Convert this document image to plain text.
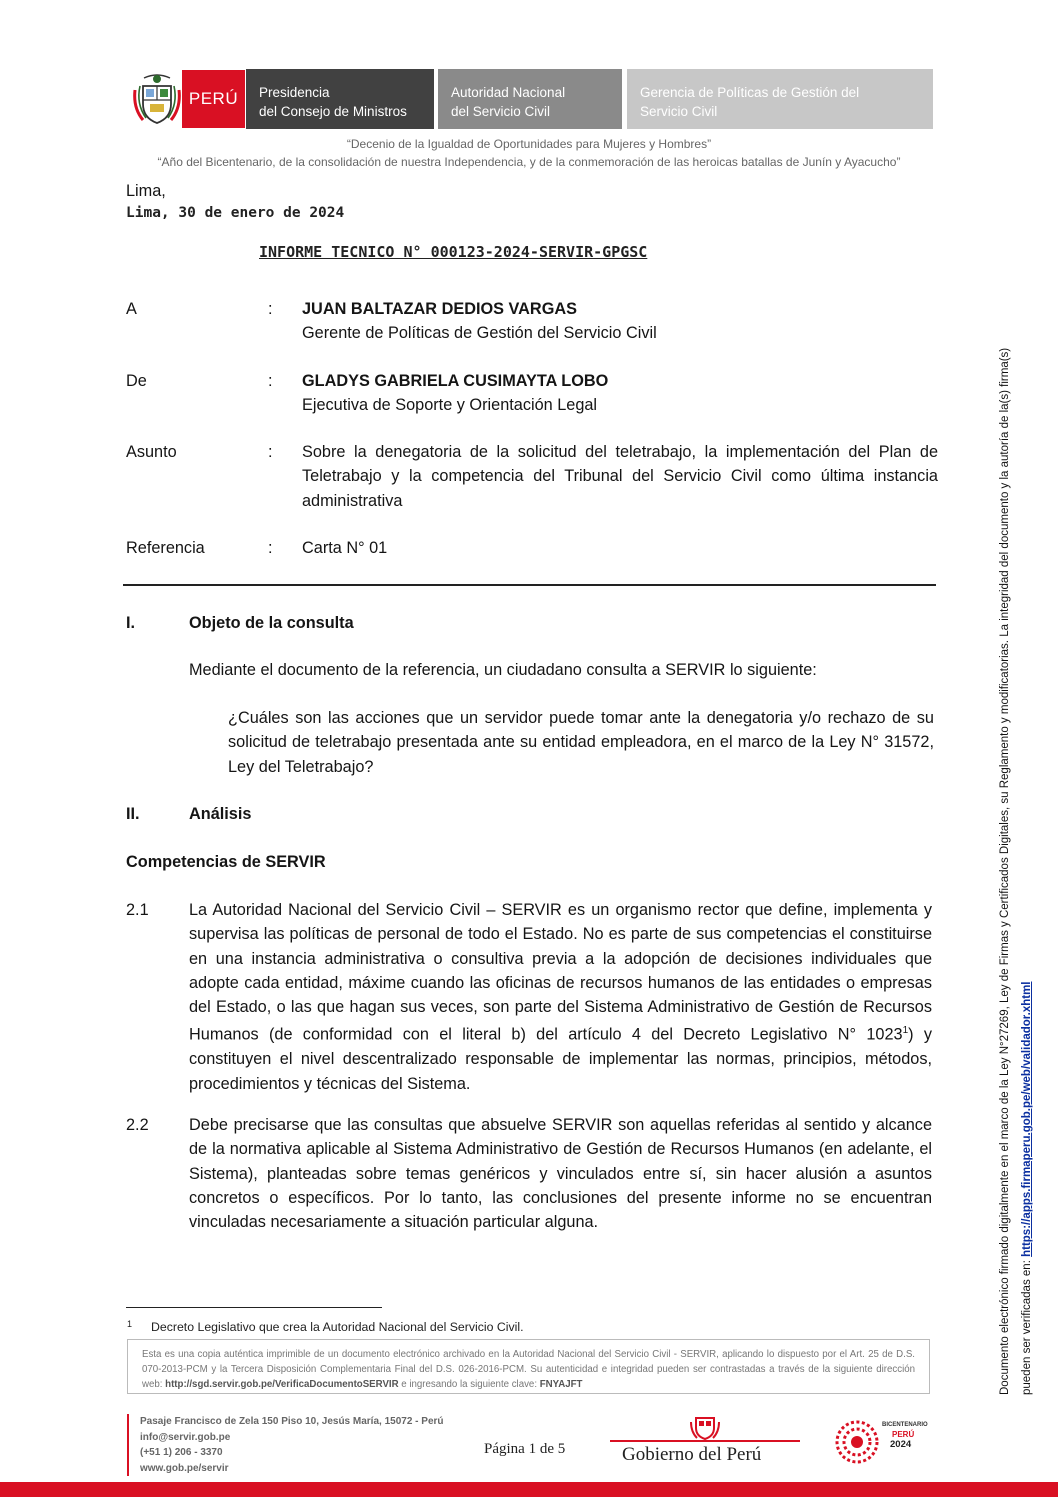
PERÚ	Presidencia
del Consejo de Ministros
Autoridad Nacional
del Servicio Civil
Gerencia de Políticas de Gestión del
Servicio Civil
“Decenio de la Igualdad de Oportunidades para Mujeres y Hombres”
“Año del Bicentenario, de la consolidación de nuestra Independencia, y de la conmemoración de las heroicas batallas de Junín y Ayacucho”
Lima,
Lima, 30 de enero de 2024
INFORME TECNICO N° 000123-2024-SERVIR-GPGSC
A	: JUAN BALTAZAR DEDIOS VARGAS
Gerente de Políticas de Gestión del Servicio Civil
De	: GLADYS GABRIELA CUSIMAYTA LOBO
Ejecutiva de Soporte y Orientación Legal
Asunto	: Sobre la denegatoria de la solicitud del teletrabajo, la implementación del Plan de Teletrabajo y la competencia del Tribunal del Servicio Civil como última instancia administrativa
Referencia	: Carta N° 01
I.	Objeto de la consulta
Mediante el documento de la referencia, un ciudadano consulta a SERVIR lo siguiente:
¿Cuáles son las acciones que un servidor puede tomar ante la denegatoria y/o rechazo de su solicitud de teletrabajo presentada ante su entidad empleadora, en el marco de la Ley N° 31572, Ley del Teletrabajo?
II.	Análisis
Competencias de SERVIR
2.1 La Autoridad Nacional del Servicio Civil – SERVIR es un organismo rector que define, implementa y supervisa las políticas de personal de todo el Estado. No es parte de sus competencias el constituirse en una instancia administrativa o consultiva previa a la adopción de decisiones individuales que adopte cada entidad, máxime cuando las oficinas de recursos humanos de las entidades o empresas del Estado, o las que hagan sus veces, son parte del Sistema Administrativo de Gestión de Recursos Humanos (de conformidad con el literal b) del artículo 4 del Decreto Legislativo N° 1023$^1$) y constituyen el nivel descentralizado responsable de implementar las normas, principios, métodos, procedimientos y técnicas del Sistema.
2.2 Debe precisarse que las consultas que absuelve SERVIR son aquellas referidas al sentido y alcance de la normativa aplicable al Sistema Administrativo de Gestión de Recursos Humanos (en adelante, el Sistema), planteadas sobre temas genéricos y vinculados entre sí, sin hacer alusión a asuntos concretos o específicos. Por lo tanto, las conclusiones del presente informe no se encuentran vinculadas necesariamente a situación particular alguna.
1 Decreto Legislativo que crea la Autoridad Nacional del Servicio Civil.
Esta es una copia auténtica imprimible de un documento electrónico archivado en la Autoridad Nacional del Servicio Civil - SERVIR, aplicando lo dispuesto por el Art. 25 de D.S. 070-2013-PCM y la Tercera Disposición Complementaria Final del D.S. 026-2016-PCM. Su autenticidad e integridad pueden ser contrastadas a través de la siguiente dirección web: http://sgd.servir.gob.pe/VerificaDocumentoSERVIR e ingresando la siguiente clave: FNYAJFT
Pasaje Francisco de Zela 150 Piso 10, Jesús María, 15072 - Perú
info@servir.gob.pe
(+51 1) 206 - 3370
www.gob.pe/servir
Página 1 de 5	Gobierno del Perú
BICENTENARIO
PERÚ
2024
Documento electrónico firmado digitalmente en el marco de la Ley N°27269, Ley de Firmas y Certificados Digitales, su Reglamento y modificatorias. La integridad del documento y la autoría de la(s) firma(s) pueden ser verificadas en: https://apps.firmaperu.gob.pe/web/validador.xhtml
